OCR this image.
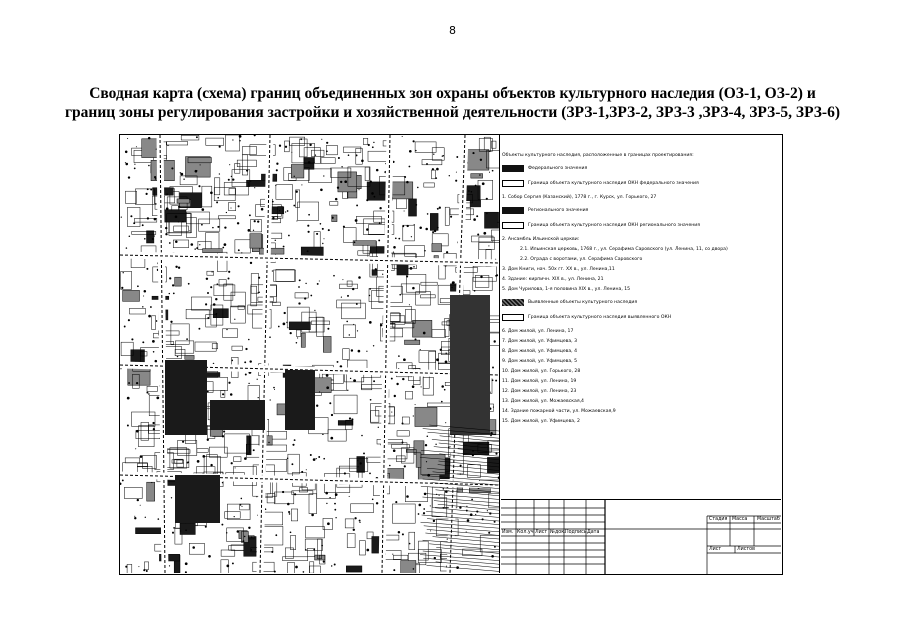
8
Сводная карта (схема) границ объединенных зон охраны объектов культурного наследия (ОЗ-1, ОЗ-2) и
границ зоны регулирования застройки и хозяйственной деятельности (ЗРЗ-1,ЗРЗ-2, ЗРЗ-3 ,ЗРЗ-4, ЗРЗ-5, ЗРЗ-6)
Объекты культурного наследия, расположенные в границах проектирования:
Федерального значения
Граница объекта культурного наследия ОКН федерального значения
1. Собор Сергия (Казанский), 1778 г., г. Курск, ул. Горького, 27
Регионального значения
Граница объекта культурного наследия ОКН регионального значения
2. Ансамбль Ильинской церкви:
2.1. Ильинская церковь, 1768 г., ул. Серафима Саровского (ул. Ленина, 11, со двора)
2.2. Ограда с воротами, ул. Серафима Саровского
3. Дом Книги, нач. 50х гг. XX в., ул. Ленина,11
4. Здание: кирпичн. XIX в., ул. Ленина, 21
5. Дом Чурилова, 1-я половина XIX в., ул. Ленина, 15
Выявленные объекты культурного наследия
Граница объекта культурного наследия выявленного ОКН
6. Дом жилой, ул. Ленина, 17
7. Дом жилой, ул. Уфимцева, 3
8. Дом жилой, ул. Уфимцева, 4
9. Дом жилой, ул. Уфимцева, 5
10. Дом жилой, ул. Горького, 28
11. Дом жилой, ул. Ленина, 19
12. Дом жилой, ул. Ленина, 23
13. Дом жилой, ул. Можаевская,4
14. Здание пожарной части, ул. Можаевская,9
15. Дом жилой, ул. Уфимцева, 2
Изм. Кол.уч Лист №док. Подпись Дата
Стадия Масса Масштаб
Лист	Листов
